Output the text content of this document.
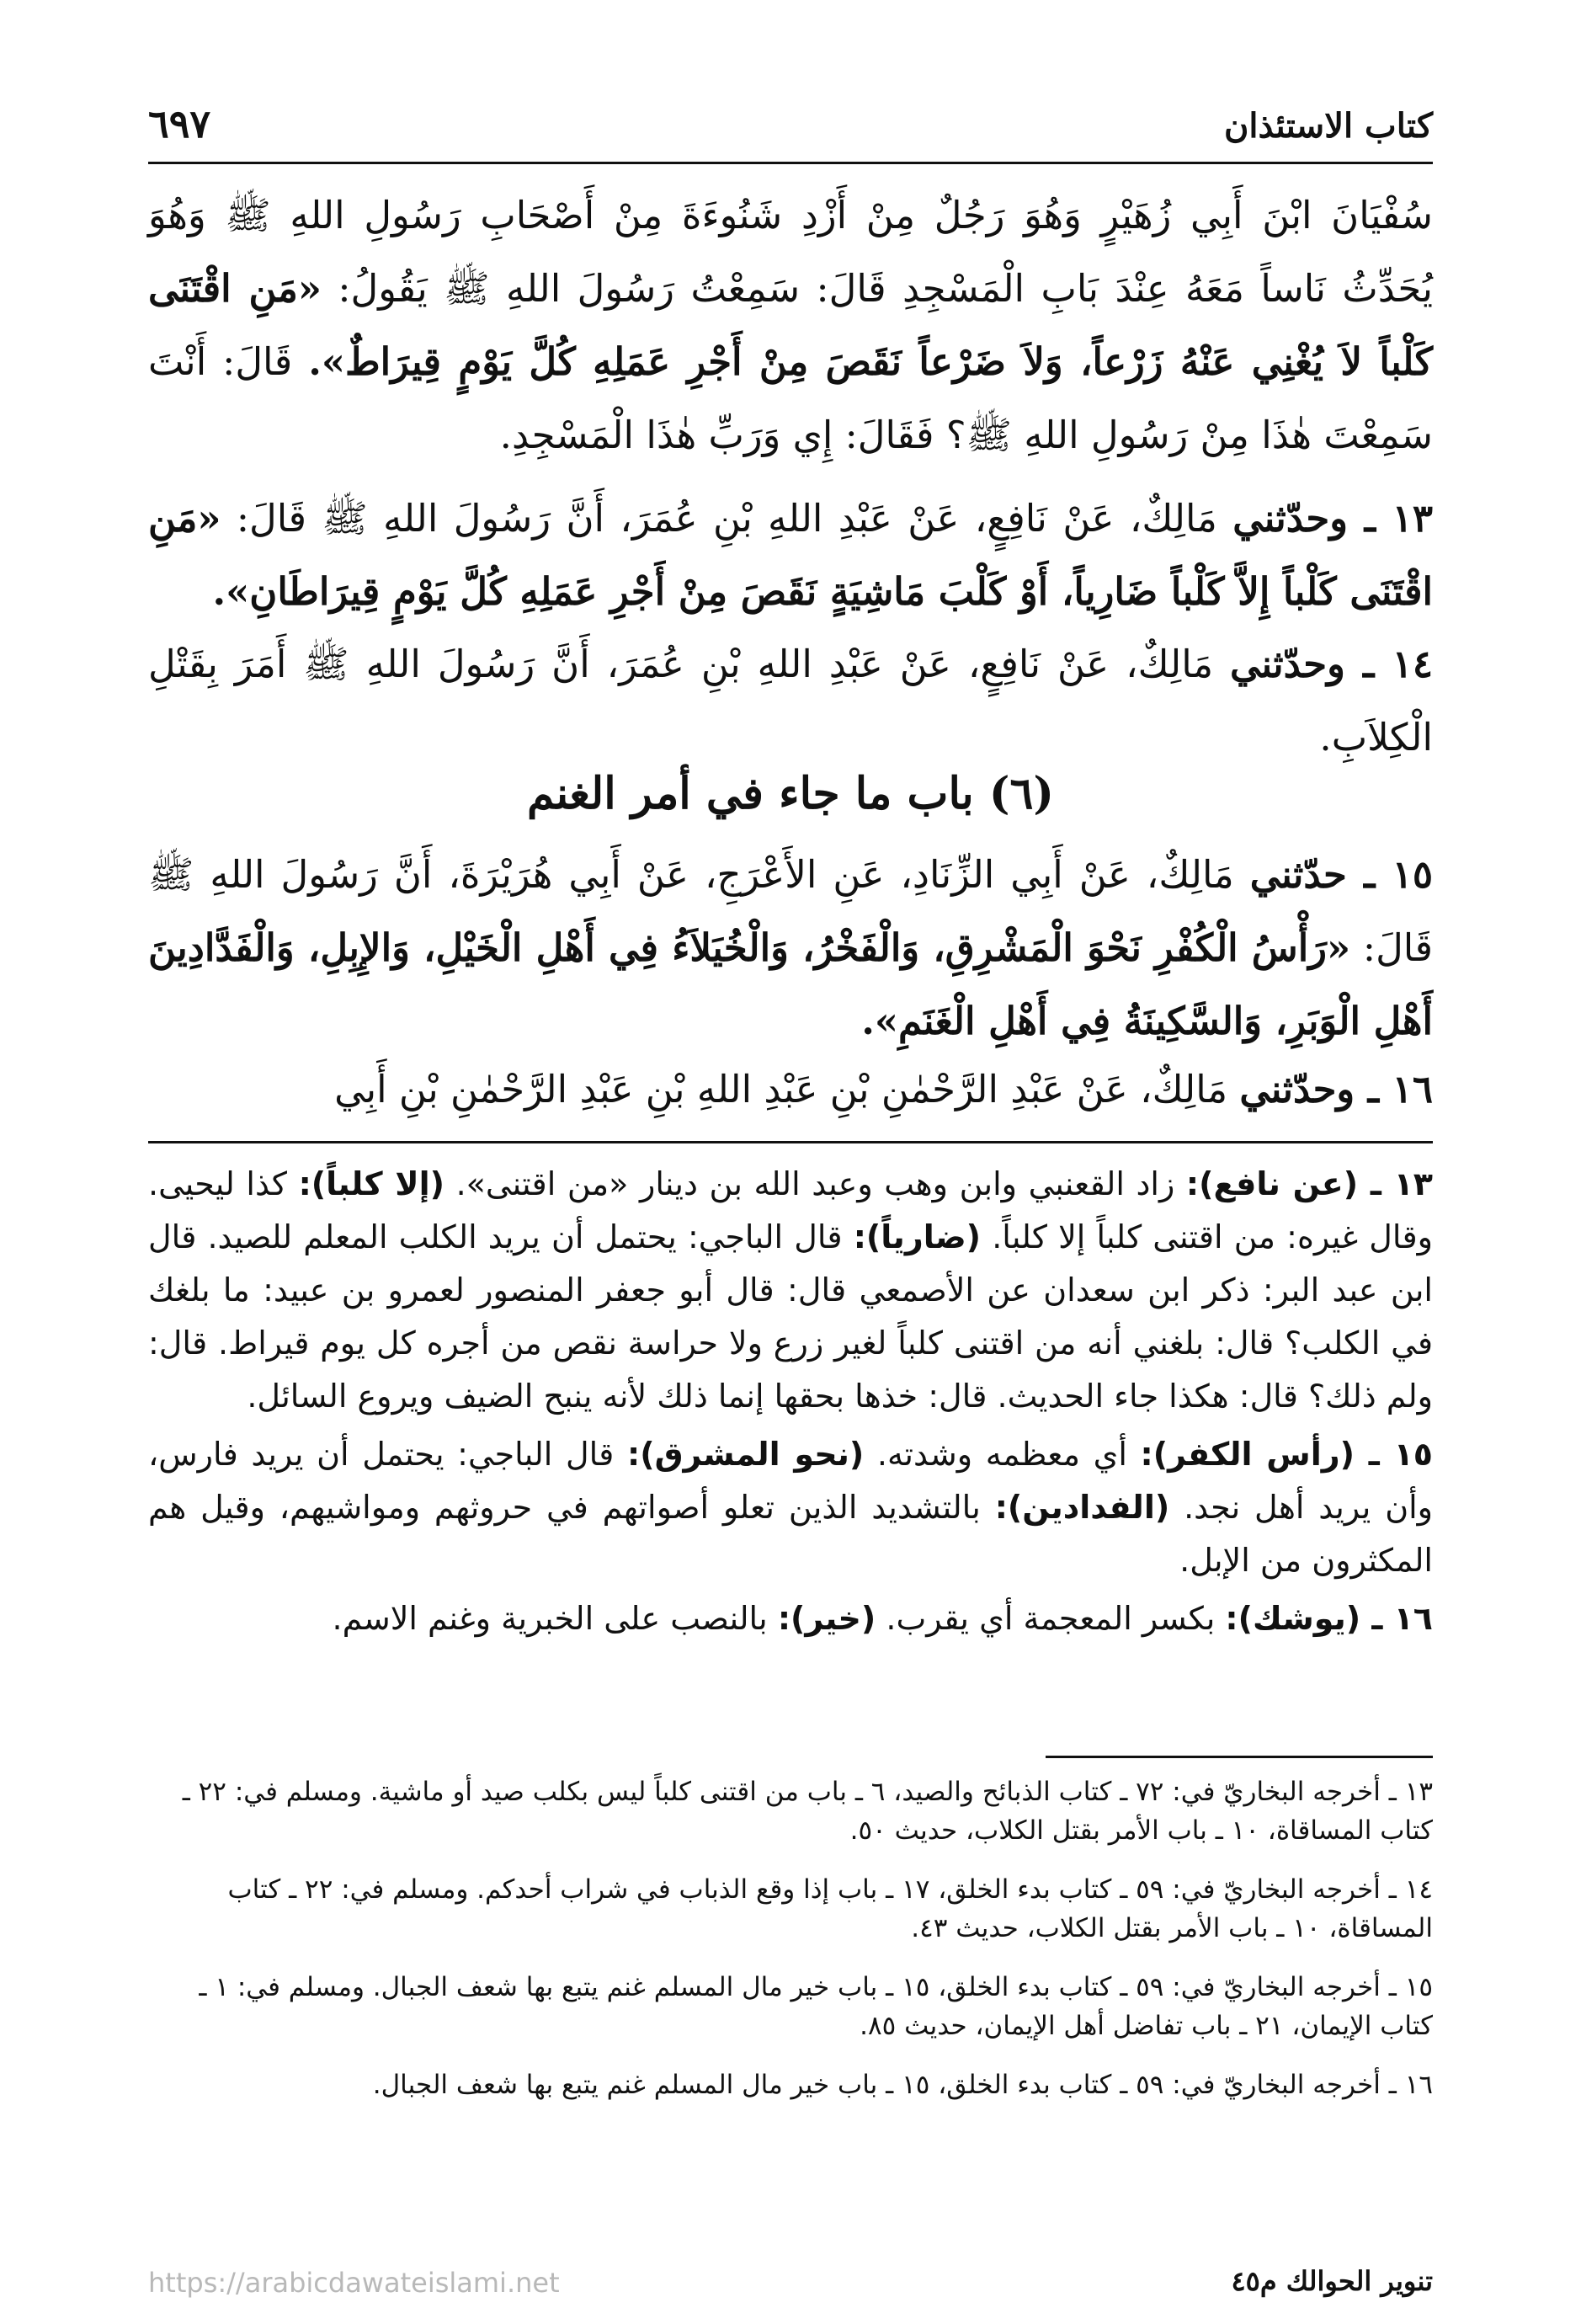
كتاب الاستئذان
٦٩٧
سُفْيَانَ ابْنَ أَبِي زُهَيْرٍ وَهُوَ رَجُلٌ مِنْ أَزْدِ شَنُوءَةَ مِنْ أَصْحَابِ رَسُولِ اللهِ ﷺ وَهُوَ يُحَدِّثُ نَاساً مَعَهُ عِنْدَ بَابِ الْمَسْجِدِ قَالَ: سَمِعْتُ رَسُولَ اللهِ ﷺ يَقُولُ: «مَنِ اقْتَنَى كَلْباً لاَ يُغْنِي عَنْهُ زَرْعاً، وَلاَ ضَرْعاً نَقَصَ مِنْ أَجْرِ عَمَلِهِ كُلَّ يَوْمٍ قِيرَاطٌ». قَالَ: أَنْتَ سَمِعْتَ هٰذَا مِنْ رَسُولِ اللهِ ﷺ؟ فَقَالَ: إِي وَرَبِّ هٰذَا الْمَسْجِدِ.
١٣ ـ وحدّثني مَالِكٌ، عَنْ نَافِعٍ، عَنْ عَبْدِ اللهِ بْنِ عُمَرَ، أَنَّ رَسُولَ اللهِ ﷺ قَالَ: «مَنِ اقْتَنَى كَلْباً إِلاَّ كَلْباً ضَارِياً، أَوْ كَلْبَ مَاشِيَةٍ نَقَصَ مِنْ أَجْرِ عَمَلِهِ كُلَّ يَوْمٍ قِيرَاطَانِ».
١٤ ـ وحدّثني مَالِكٌ، عَنْ نَافِعٍ، عَنْ عَبْدِ اللهِ بْنِ عُمَرَ، أَنَّ رَسُولَ اللهِ ﷺ أَمَرَ بِقَتْلِ الْكِلاَبِ.
(٦) باب ما جاء في أمر الغنم
١٥ ـ حدّثني مَالِكٌ، عَنْ أَبِي الزِّنَادِ، عَنِ الأَعْرَجِ، عَنْ أَبِي هُرَيْرَةَ، أَنَّ رَسُولَ اللهِ ﷺ قَالَ: «رَأْسُ الْكُفْرِ نَحْوَ الْمَشْرِقِ، وَالْفَخْرُ، وَالْخُيَلاَءُ فِي أَهْلِ الْخَيْلِ، وَالإِبِلِ، وَالْفَدَّادِينَ أَهْلِ الْوَبَرِ، وَالسَّكِينَةُ فِي أَهْلِ الْغَنَمِ».
١٦ ـ وحدّثني مَالِكٌ، عَنْ عَبْدِ الرَّحْمٰنِ بْنِ عَبْدِ اللهِ بْنِ عَبْدِ الرَّحْمٰنِ بْنِ أَبِي

١٣ ـ (عن نافع): زاد القعنبي وابن وهب وعبد الله بن دينار «من اقتنى». (إلا كلباً): كذا ليحيى. وقال غيره: من اقتنى كلباً إلا كلباً. (ضارياً): قال الباجي: يحتمل أن يريد الكلب المعلم للصيد. قال ابن عبد البر: ذكر ابن سعدان عن الأصمعي قال: قال أبو جعفر المنصور لعمرو بن عبيد: ما بلغك في الكلب؟ قال: بلغني أنه من اقتنى كلباً لغير زرع ولا حراسة نقص من أجره كل يوم قيراط. قال: ولم ذلك؟ قال: هكذا جاء الحديث. قال: خذها بحقها إنما ذلك لأنه ينبح الضيف ويروع السائل.

١٥ ـ (رأس الكفر): أي معظمه وشدته. (نحو المشرق): قال الباجي: يحتمل أن يريد فارس، وأن يريد أهل نجد. (الفدادين): بالتشديد الذين تعلو أصواتهم في حروثهم ومواشيهم، وقيل هم المكثرون من الإبل.

١٦ ـ (يوشك): بكسر المعجمة أي يقرب. (خير): بالنصب على الخبرية وغنم الاسم.

١٣ ـ أخرجه البخاريّ في: ٧٢ ـ كتاب الذبائح والصيد، ٦ ـ باب من اقتنى كلباً ليس بكلب صيد أو ماشية. ومسلم في: ٢٢ ـ كتاب المساقاة، ١٠ ـ باب الأمر بقتل الكلاب، حديث ٥٠.

١٤ ـ أخرجه البخاريّ في: ٥٩ ـ كتاب بدء الخلق، ١٧ ـ باب إذا وقع الذباب في شراب أحدكم. ومسلم في: ٢٢ ـ كتاب المساقاة، ١٠ ـ باب الأمر بقتل الكلاب، حديث ٤٣.

١٥ ـ أخرجه البخاريّ في: ٥٩ ـ كتاب بدء الخلق، ١٥ ـ باب خير مال المسلم غنم يتبع بها شعف الجبال. ومسلم في: ١ ـ كتاب الإيمان، ٢١ ـ باب تفاضل أهل الإيمان، حديث ٨٥.

١٦ ـ أخرجه البخاريّ في: ٥٩ ـ كتاب بدء الخلق، ١٥ ـ باب خير مال المسلم غنم يتبع بها شعف الجبال.

تنوير الحوالك م٤٥
https://arabicdawateislami.net
